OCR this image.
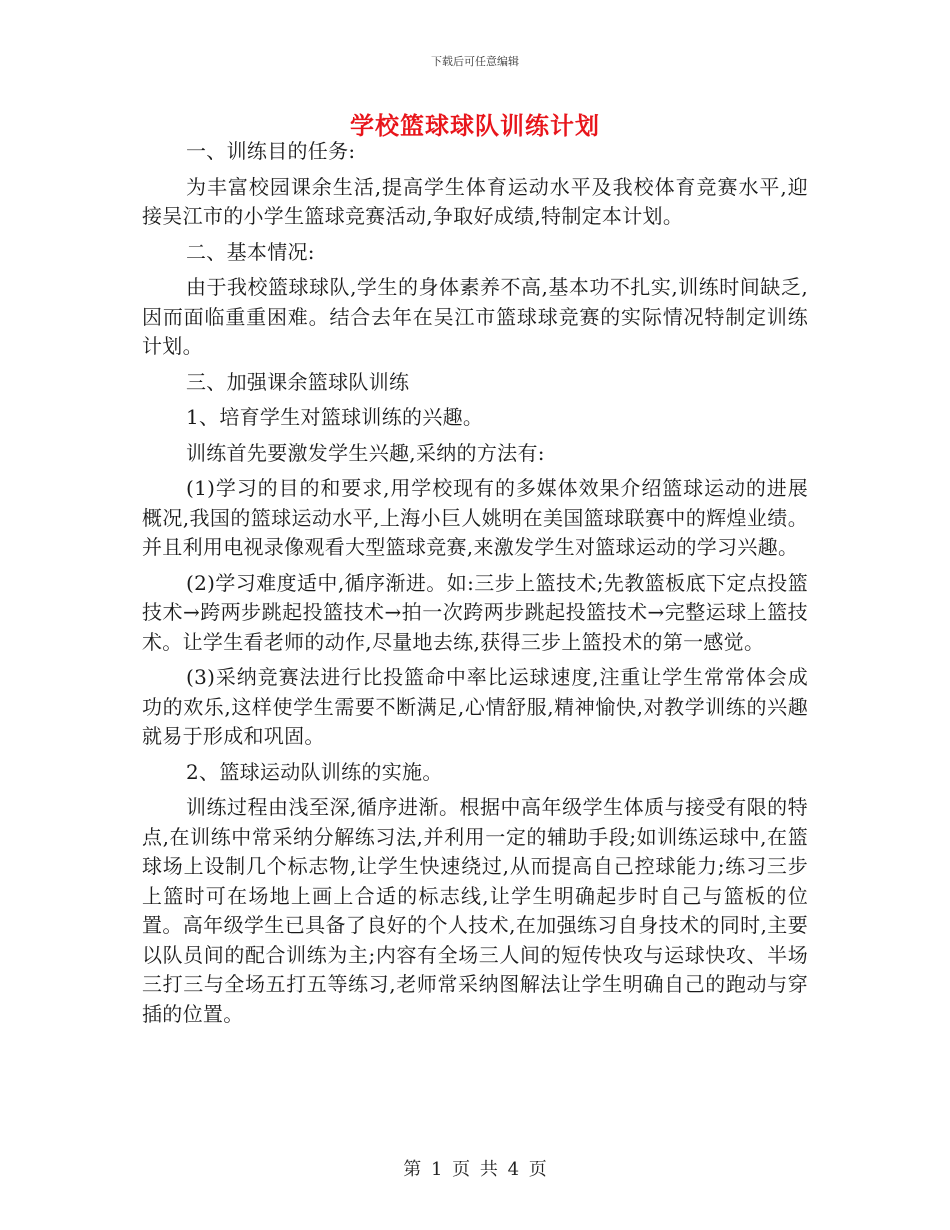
下载后可任意编辑
学校篮球球队训练计划

一、训练目的任务:

为丰富校园课余生活,提高学生体育运动水平及我校体育竞赛水平,迎接吴江市的小学生篮球竞赛活动,争取好成绩,特制定本计划。

二、基本情况:

由于我校篮球球队,学生的身体素养不高,基本功不扎实,训练时间缺乏,因而面临重重困难。结合去年在吴江市篮球球竞赛的实际情况特制定训练计划。

三、加强课余篮球队训练

1、培育学生对篮球训练的兴趣。

训练首先要激发学生兴趣,采纳的方法有:

(1)学习的目的和要求,用学校现有的多媒体效果介绍篮球运动的进展概况,我国的篮球运动水平,上海小巨人姚明在美国篮球联赛中的辉煌业绩。并且利用电视录像观看大型篮球竞赛,来激发学生对篮球运动的学习兴趣。

(2)学习难度适中,循序渐进。如:三步上篮技术;先教篮板底下定点投篮技术→跨两步跳起投篮技术→拍一次跨两步跳起投篮技术→完整运球上篮技术。让学生看老师的动作,尽量地去练,获得三步上篮投术的第一感觉。

(3)采纳竞赛法进行比投篮命中率比运球速度,注重让学生常常体会成功的欢乐,这样使学生需要不断满足,心情舒服,精神愉快,对教学训练的兴趣就易于形成和巩固。

2、篮球运动队训练的实施。

训练过程由浅至深,循序进渐。根据中高年级学生体质与接受有限的特点,在训练中常采纳分解练习法,并利用一定的辅助手段;如训练运球中,在篮球场上设制几个标志物,让学生快速绕过,从而提高自己控球能力;练习三步上篮时可在场地上画上合适的标志线,让学生明确起步时自己与篮板的位置。高年级学生已具备了良好的个人技术,在加强练习自身技术的同时,主要以队员间的配合训练为主;内容有全场三人间的短传快攻与运球快攻、半场三打三与全场五打五等练习,老师常采纳图解法让学生明确自己的跑动与穿插的位置。

第 1 页 共 4 页
